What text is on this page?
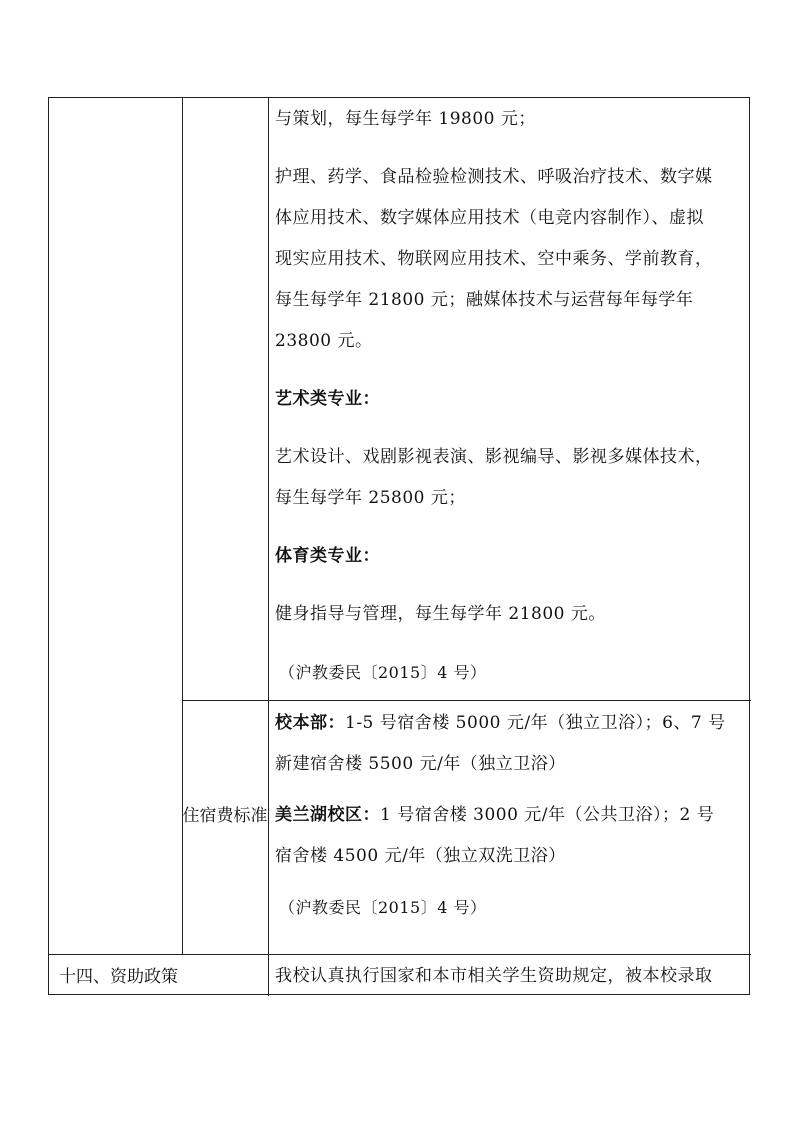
与策划，每生每学年 19800 元；

护理、药学、食品检验检测技术、呼吸治疗技术、数字媒

体应用技术、数字媒体应用技术（电竞内容制作）、虚拟

现实应用技术、物联网应用技术、空中乘务、学前教育，

每生每学年 21800 元；融媒体技术与运营每年每学年

23800 元。

艺术类专业：

艺术设计、戏剧影视表演、影视编导、影视多媒体技术，

每生每学年 25800 元；

体育类专业：

健身指导与管理，每生每学年 21800 元。

（沪教委民〔2015〕4 号）

住宿费标准

校本部：1-5 号宿舍楼 5000 元/年（独立卫浴）；6、7 号

新建宿舍楼 5500 元/年（独立卫浴）

美兰湖校区：1 号宿舍楼 3000 元/年（公共卫浴）；2 号

宿舍楼 4500 元/年（独立双洗卫浴）

（沪教委民〔2015〕4 号）

十四、资助政策	我校认真执行国家和本市相关学生资助规定，被本校录取
